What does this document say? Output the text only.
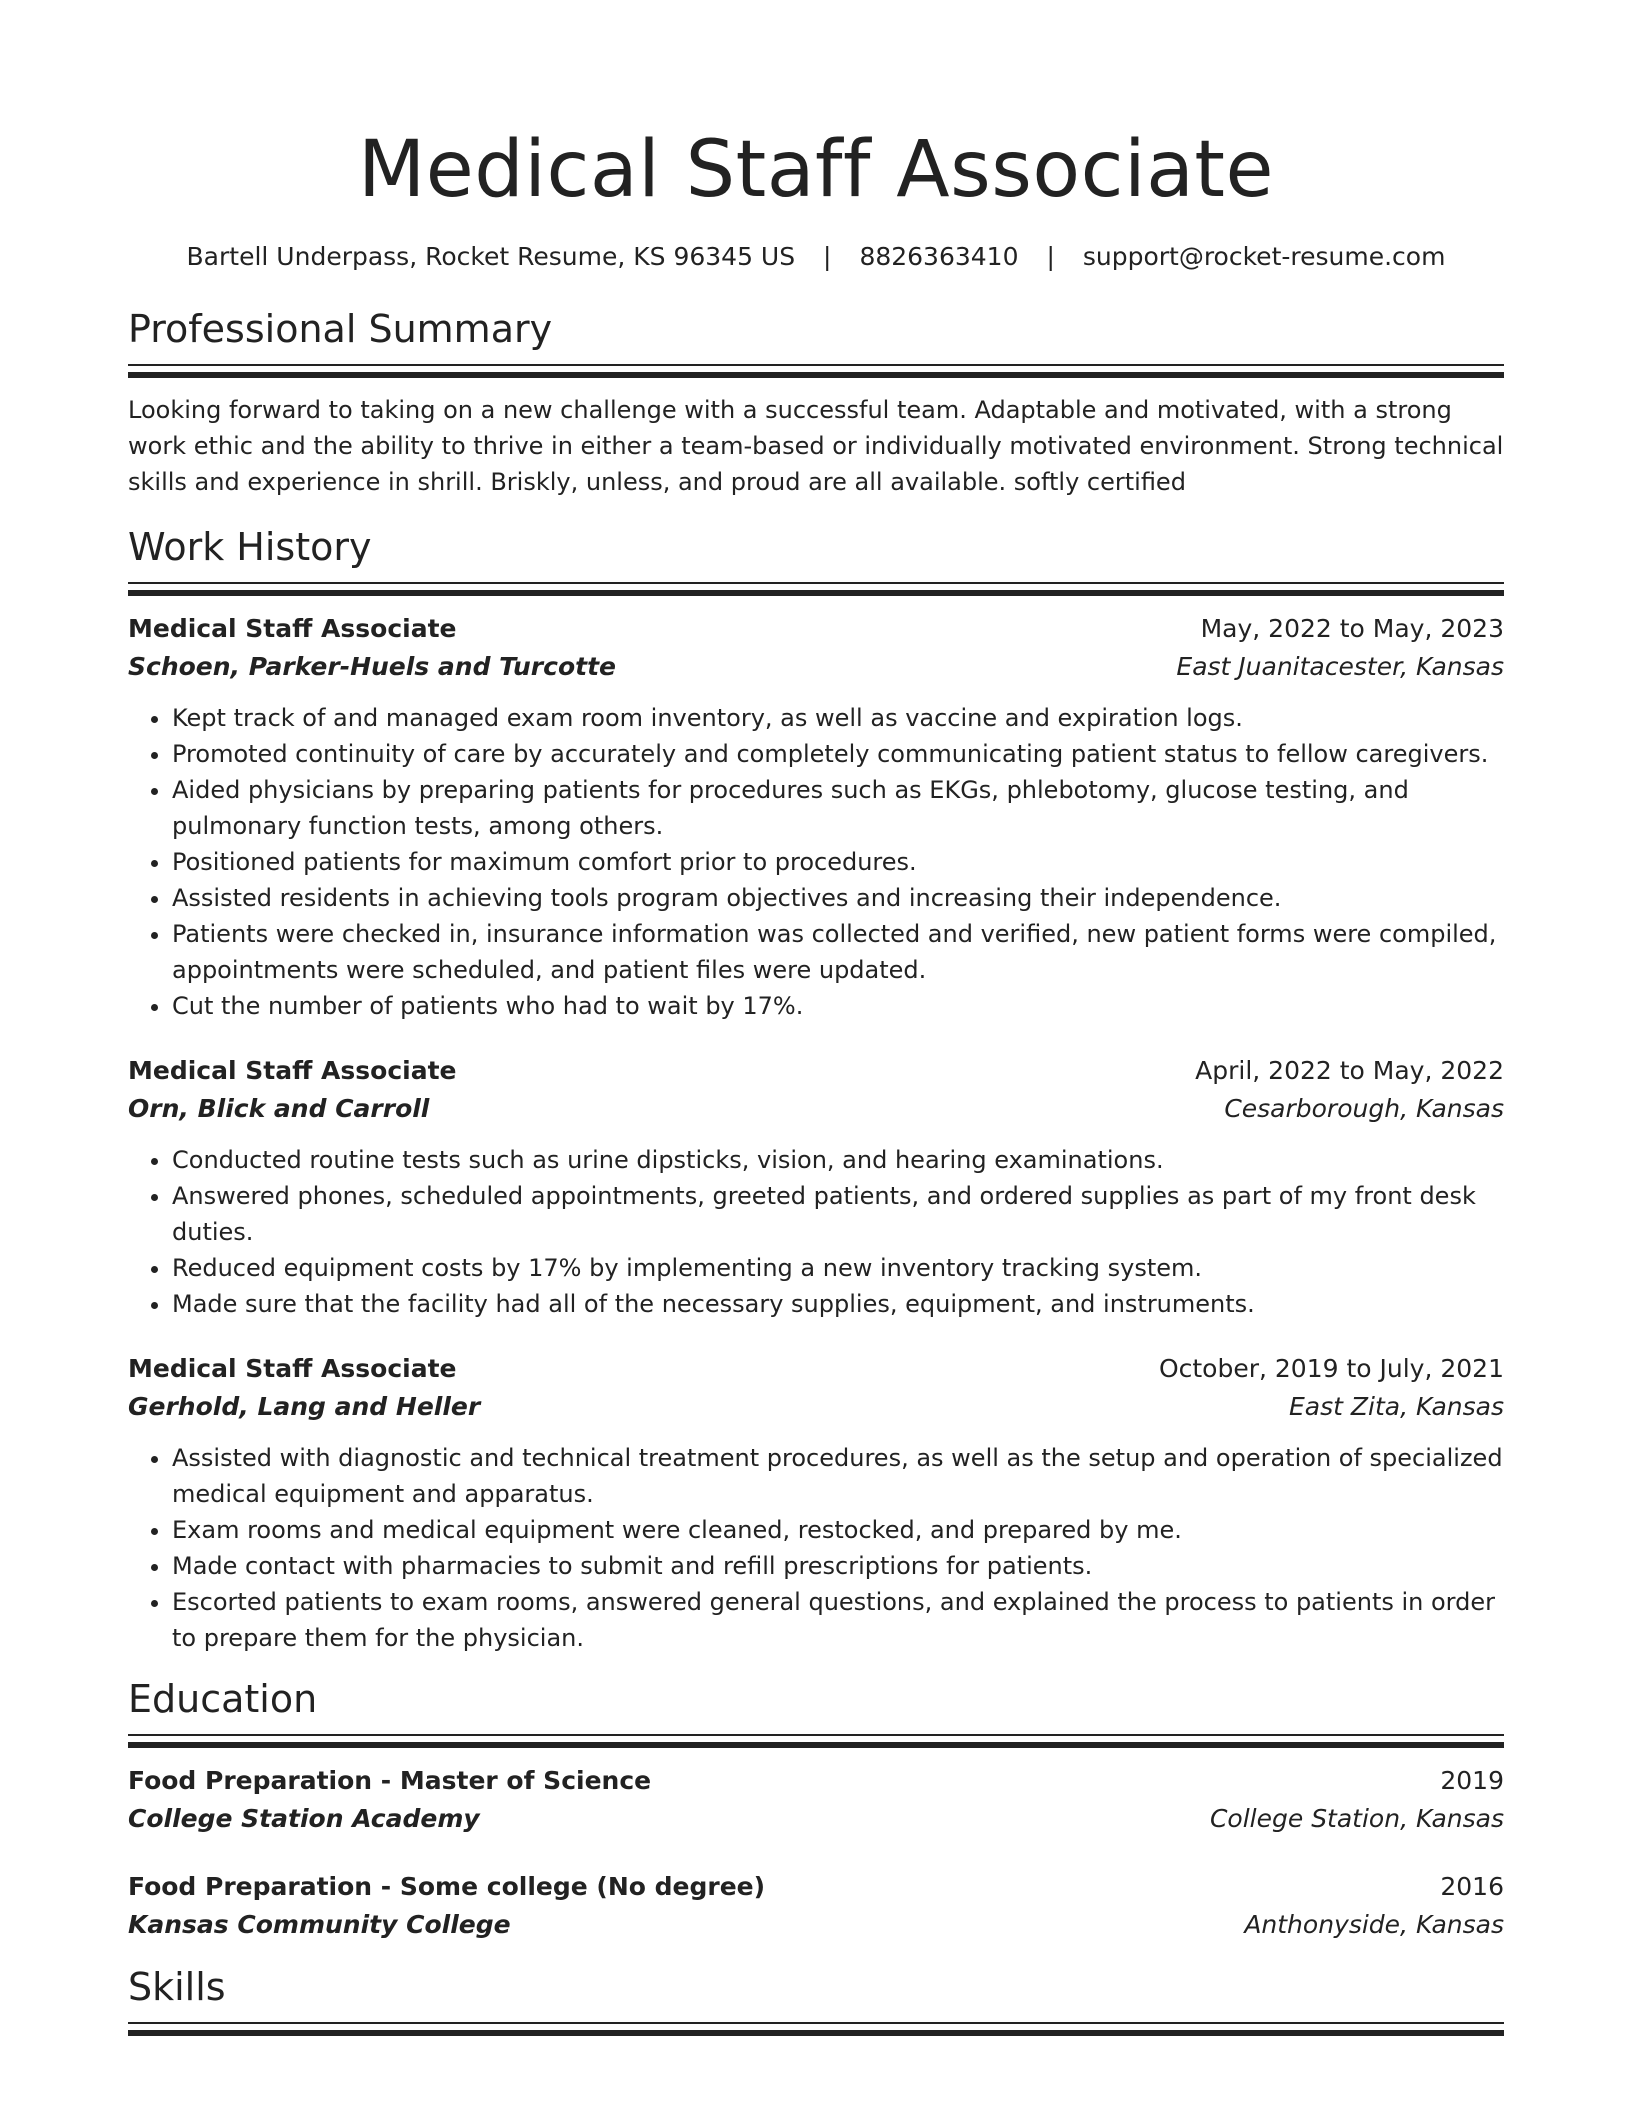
Medical Staff Associate
Bartell Underpass, Rocket Resume, KS 96345 US | 8826363410 | support@rocket-resume.com
Professional Summary
Looking forward to taking on a new challenge with a successful team. Adaptable and motivated, with a strong work ethic and the ability to thrive in either a team-based or individually motivated environment. Strong technical skills and experience in shrill. Briskly, unless, and proud are all available. softly certified
Work History
Medical Staff Associate	May, 2022 to May, 2023
Schoen, Parker-Huels and Turcotte	East Juanitacester, Kansas
• Kept track of and managed exam room inventory, as well as vaccine and expiration logs.
• Promoted continuity of care by accurately and completely communicating patient status to fellow caregivers.
• Aided physicians by preparing patients for procedures such as EKGs, phlebotomy, glucose testing, and pulmonary function tests, among others.
• Positioned patients for maximum comfort prior to procedures.
• Assisted residents in achieving tools program objectives and increasing their independence.
• Patients were checked in, insurance information was collected and verified, new patient forms were compiled, appointments were scheduled, and patient files were updated.
• Cut the number of patients who had to wait by 17%.
Medical Staff Associate	April, 2022 to May, 2022
Orn, Blick and Carroll	Cesarborough, Kansas
• Conducted routine tests such as urine dipsticks, vision, and hearing examinations.
• Answered phones, scheduled appointments, greeted patients, and ordered supplies as part of my front desk duties.
• Reduced equipment costs by 17% by implementing a new inventory tracking system.
• Made sure that the facility had all of the necessary supplies, equipment, and instruments.
Medical Staff Associate	October, 2019 to July, 2021
Gerhold, Lang and Heller	East Zita, Kansas
• Assisted with diagnostic and technical treatment procedures, as well as the setup and operation of specialized medical equipment and apparatus.
• Exam rooms and medical equipment were cleaned, restocked, and prepared by me.
• Made contact with pharmacies to submit and refill prescriptions for patients.
• Escorted patients to exam rooms, answered general questions, and explained the process to patients in order to prepare them for the physician.
Education
Food Preparation - Master of Science	2019
College Station Academy	College Station, Kansas
Food Preparation - Some college (No degree)	2016
Kansas Community College	Anthonyside, Kansas
Skills
